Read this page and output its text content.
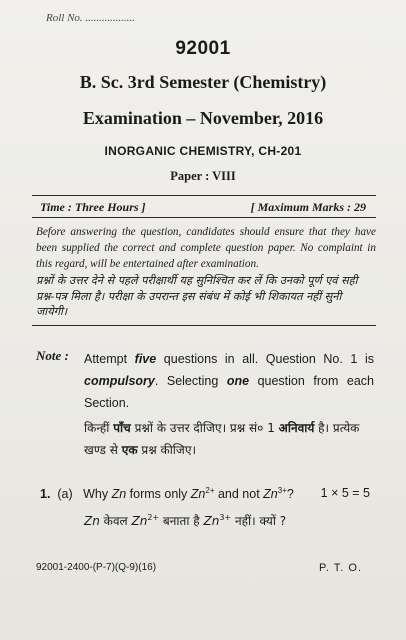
Roll No. ..................
92001
B. Sc. 3rd Semester (Chemistry)
Examination – November, 2016
INORGANIC CHEMISTRY, CH-201
Paper : VIII
Time : Three Hours ]	[ Maximum Marks : 29
Before answering the question, candidates should ensure that they have been supplied the correct and complete question paper. No complaint in this regard, will be entertained after examination.
प्रश्नों के उत्तर देने से पहले परीक्षार्थी यह सुनिश्चित कर लें कि उनको पूर्ण एवं सही प्रश्न-पत्र मिला है। परीक्षा के उपरान्त इस संबंध में कोई भी शिकायत नहीं सुनी जायेगी।
Note : Attempt five questions in all. Question No. 1 is compulsory. Selecting one question from each Section.
किन्हीं पाँच प्रश्नों के उत्तर दीजिए। प्रश्न सं० 1 अनिवार्य है। प्रत्येक खण्ड से एक प्रश्न कीजिए।
1. (a) Why Zn forms only $Zn^{2+}$ and not $Zn^{3+}$? 1 × 5 = 5
Zn केवल $Zn^{2+}$ बनाता है $Zn^{3+}$ नहीं। क्यों ?
92001-2400-(P-7)(Q-9)(16)	P. T. O.
